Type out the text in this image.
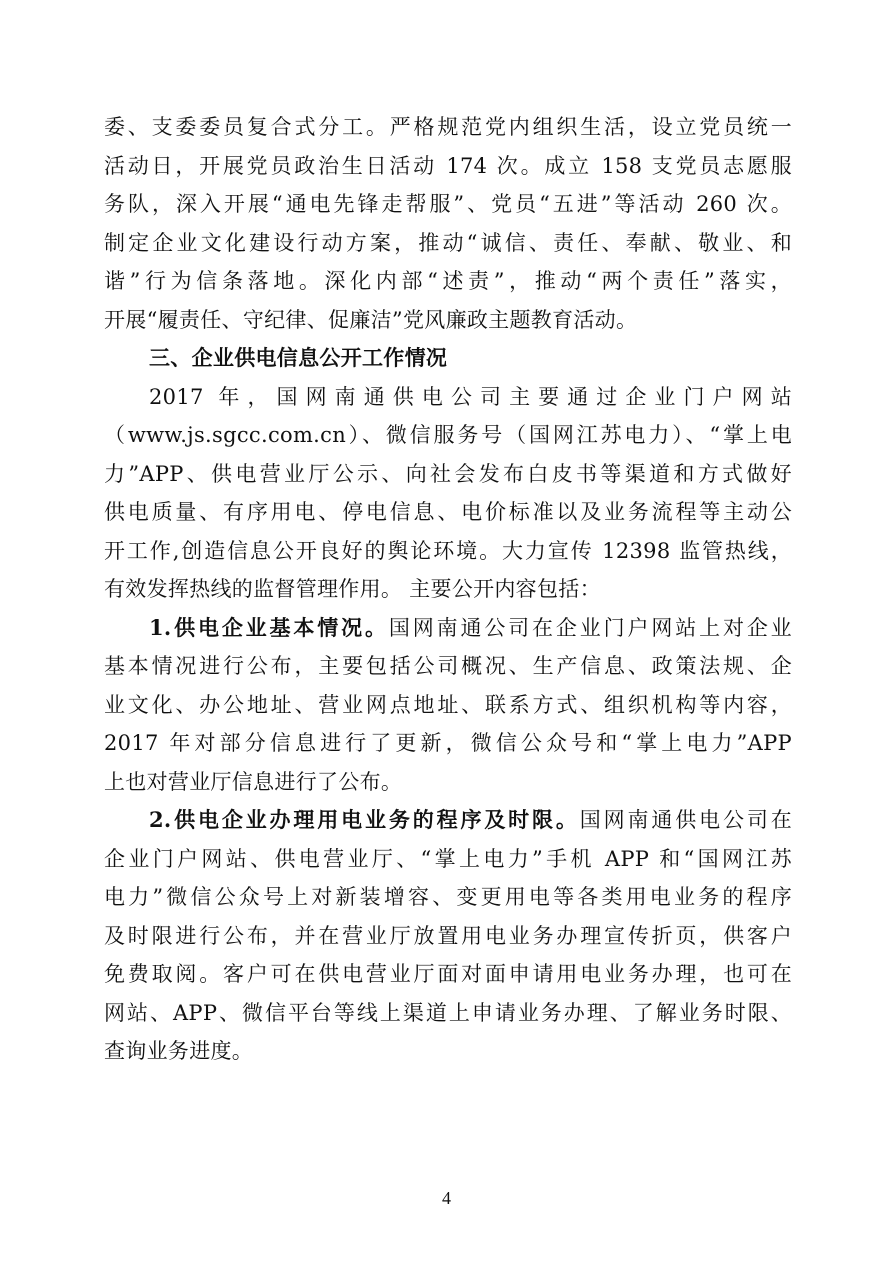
委、支委委员复合式分工。严格规范党内组织生活，设立党员统一
活动日，开展党员政治生日活动 174 次。成立 158 支党员志愿服
务队，深入开展“通电先锋走帮服”、党员“五进”等活动 260 次。
制定企业文化建设行动方案，推动“诚信、责任、奉献、敬业、和
谐”行为信条落地。深化内部“述责”，推动“两个责任”落实，
开展“履责任、守纪律、促廉洁”党风廉政主题教育活动。
三、企业供电信息公开工作情况
2017 年，国网南通供电公司主要通过企业门户网站
（www.js.sgcc.com.cn）、微信服务号（国网江苏电力）、“掌上电
力”APP、供电营业厅公示、向社会发布白皮书等渠道和方式做好
供电质量、有序用电、停电信息、电价标准以及业务流程等主动公
开工作,创造信息公开良好的舆论环境。大力宣传 12398 监管热线，
有效发挥热线的监督管理作用。 主要公开内容包括：
1.供电企业基本情况。国网南通公司在企业门户网站上对企业
基本情况进行公布，主要包括公司概况、生产信息、政策法规、企
业文化、办公地址、营业网点地址、联系方式、组织机构等内容，
2017 年对部分信息进行了更新，微信公众号和“掌上电力”APP
上也对营业厅信息进行了公布。
2.供电企业办理用电业务的程序及时限。国网南通供电公司在
企业门户网站、供电营业厅、“掌上电力”手机 APP 和“国网江苏
电力”微信公众号上对新装增容、变更用电等各类用电业务的程序
及时限进行公布，并在营业厅放置用电业务办理宣传折页，供客户
免费取阅。客户可在供电营业厅面对面申请用电业务办理，也可在
网站、APP、微信平台等线上渠道上申请业务办理、了解业务时限、
查询业务进度。
4
